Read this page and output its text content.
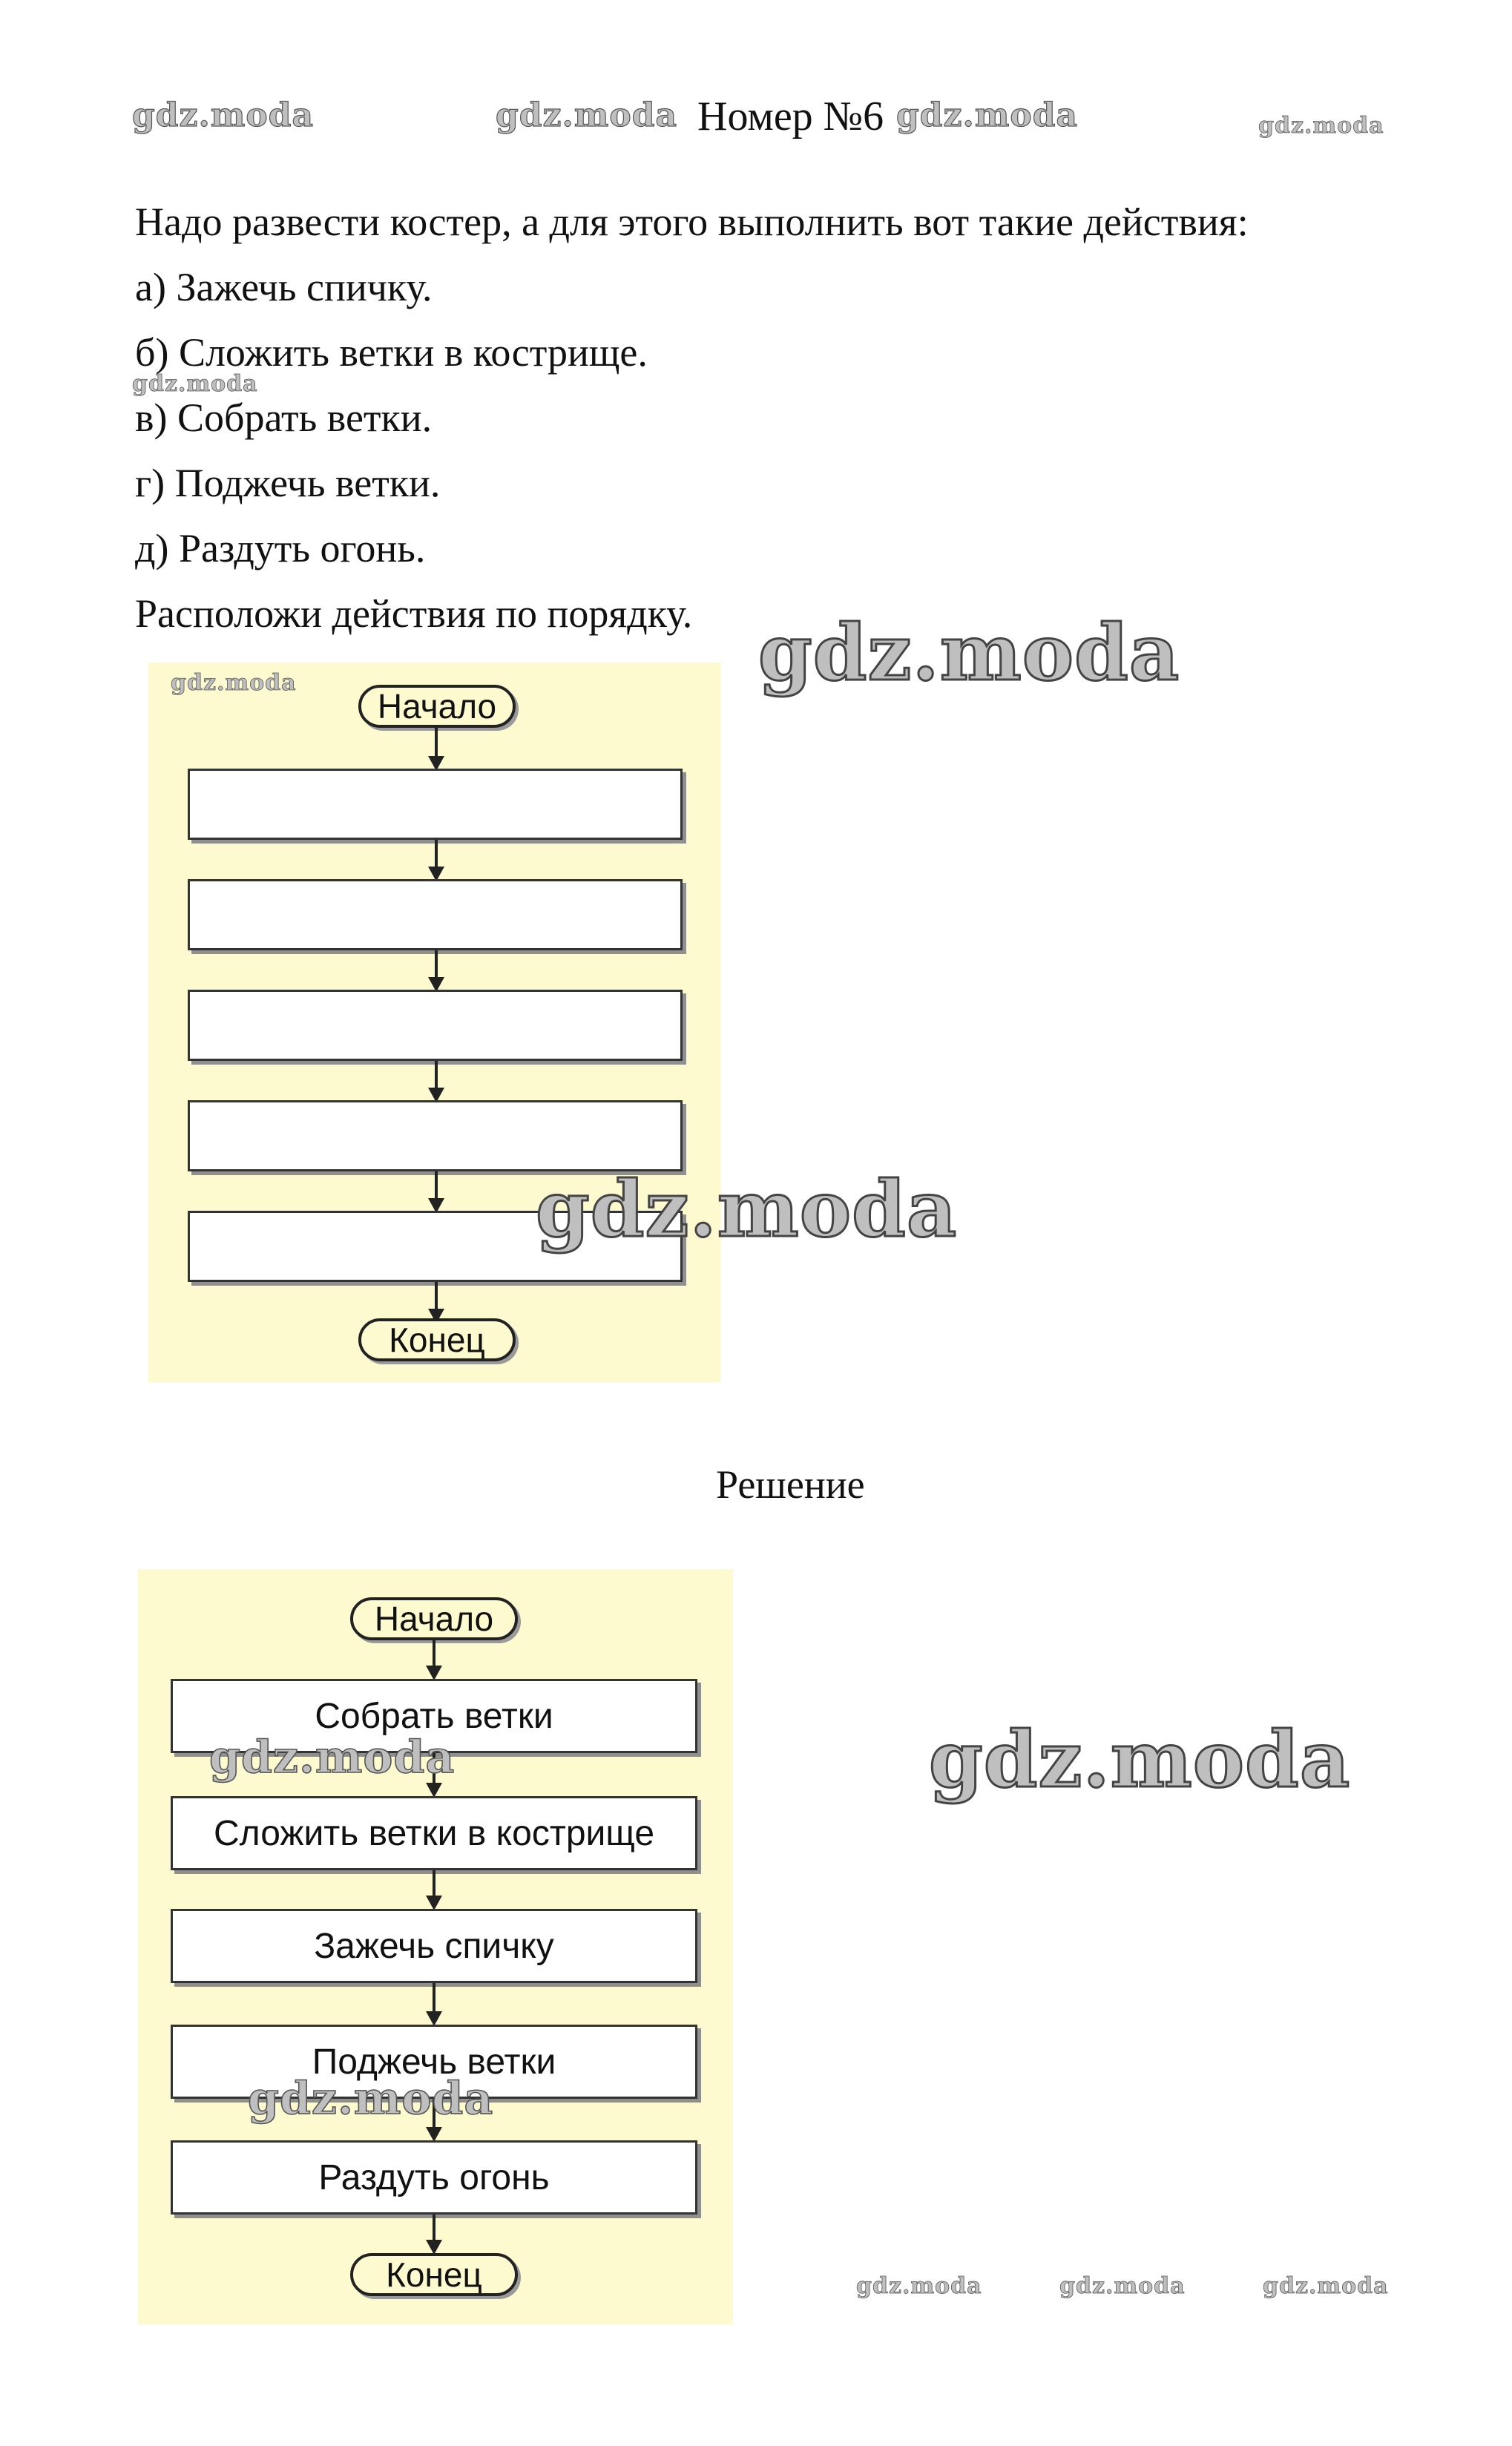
gdz.moda	gdz.moda Номер №6 gdz.moda	gdz.moda
Надо развести костер, а для этого выполнить вот такие действия:
а) Зажечь спичку.
б) Сложить ветки в кострище.
gdz.moda
в) Собрать ветки.
г) Поджечь ветки.
д) Раздуть огонь.
Расположи действия по порядку. gdz.moda
gdz.moda
Начало
Конец
gdz.moda
Решение
Начало
Собрать ветки
Сложить ветки в кострище
Зажечь спичку
Поджечь ветки
Раздуть огонь
Конец
gdz.moda
gdz.moda
gdz.moda
gdz.moda	gdz.moda	gdz.moda
